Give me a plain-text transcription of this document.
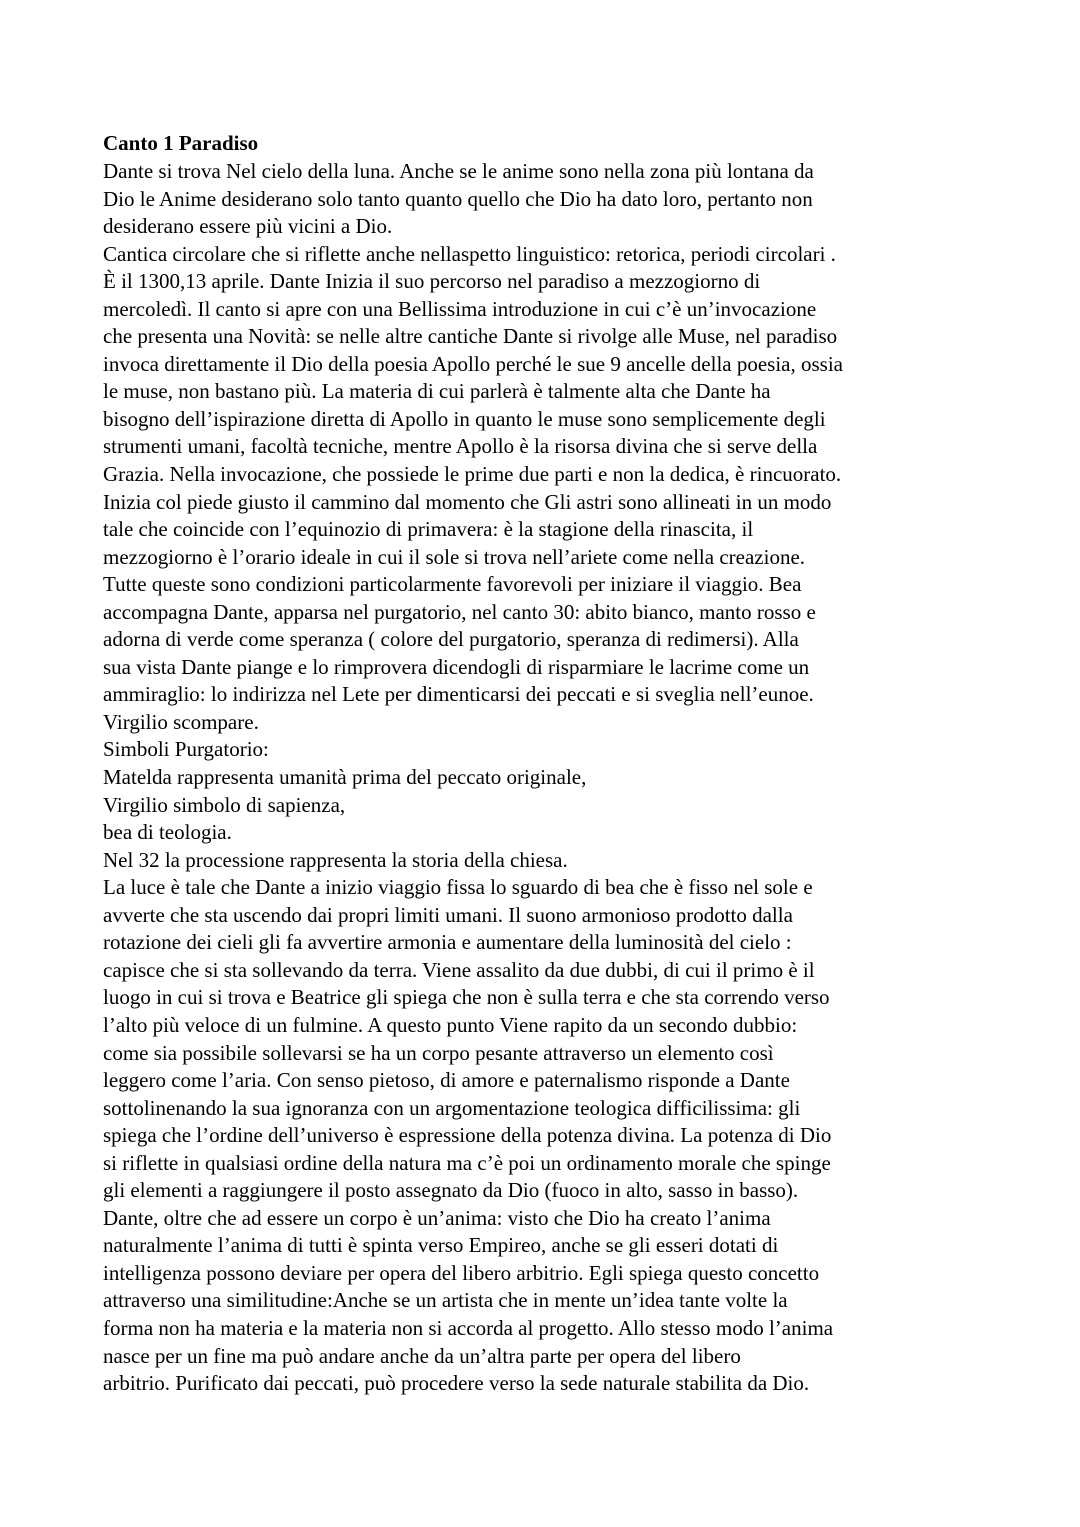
Canto 1 Paradiso
Dante si trova Nel cielo della luna. Anche se le anime sono nella zona più lontana da
Dio le Anime desiderano solo tanto quanto quello che Dio ha dato loro, pertanto non
desiderano essere più vicini a Dio.
Cantica circolare che si riflette anche nellaspetto linguistico: retorica, periodi circolari .
È il 1300,13 aprile. Dante Inizia il suo percorso nel paradiso a mezzogiorno di
mercoledì. Il canto si apre con una Bellissima introduzione in cui c’è un’invocazione
che presenta una Novità: se nelle altre cantiche Dante si rivolge alle Muse, nel paradiso
invoca direttamente il Dio della poesia Apollo perché le sue 9 ancelle della poesia, ossia
le muse, non bastano più. La materia di cui parlerà è talmente alta che Dante ha
bisogno dell’ispirazione diretta di Apollo in quanto le muse sono semplicemente degli
strumenti umani, facoltà tecniche, mentre Apollo è la risorsa divina che si serve della
Grazia. Nella invocazione, che possiede le prime due parti e non la dedica, è rincuorato.
Inizia col piede giusto il cammino dal momento che Gli astri sono allineati in un modo
tale che coincide con l’equinozio di primavera: è la stagione della rinascita, il
mezzogiorno è l’orario ideale in cui il sole si trova nell’ariete come nella creazione.
Tutte queste sono condizioni particolarmente favorevoli per iniziare il viaggio. Bea
accompagna Dante, apparsa nel purgatorio, nel canto 30: abito bianco, manto rosso e
adorna di verde come speranza ( colore del purgatorio, speranza di redimersi). Alla
sua vista Dante piange e lo rimprovera dicendogli di risparmiare le lacrime come un
ammiraglio: lo indirizza nel Lete per dimenticarsi dei peccati e si sveglia nell’eunoe.
Virgilio scompare.
Simboli Purgatorio:
Matelda rappresenta umanità prima del peccato originale,
Virgilio simbolo di sapienza,
bea di teologia.
Nel 32 la processione rappresenta la storia della chiesa.
La luce è tale che Dante a inizio viaggio fissa lo sguardo di bea che è fisso nel sole e
avverte che sta uscendo dai propri limiti umani. Il suono armonioso prodotto dalla
rotazione dei cieli gli fa avvertire armonia e aumentare della luminosità del cielo :
capisce che si sta sollevando da terra. Viene assalito da due dubbi, di cui il primo è il
luogo in cui si trova e Beatrice gli spiega che non è sulla terra e che sta correndo verso
l’alto più veloce di un fulmine. A questo punto Viene rapito da un secondo dubbio:
come sia possibile sollevarsi se ha un corpo pesante attraverso un elemento così
leggero come l’aria. Con senso pietoso, di amore e paternalismo risponde a Dante
sottolinenando la sua ignoranza con un argomentazione teologica difficilissima: gli
spiega che l’ordine dell’universo è espressione della potenza divina. La potenza di Dio
si riflette in qualsiasi ordine della natura ma c’è poi un ordinamento morale che spinge
gli elementi a raggiungere il posto assegnato da Dio (fuoco in alto, sasso in basso).
Dante, oltre che ad essere un corpo è un’anima: visto che Dio ha creato l’anima
naturalmente l’anima di tutti è spinta verso Empireo, anche se gli esseri dotati di
intelligenza possono deviare per opera del libero arbitrio. Egli spiega questo concetto
attraverso una similitudine:Anche se un artista che in mente un’idea tante volte la
forma non ha materia e la materia non si accorda al progetto. Allo stesso modo l’anima
nasce per un fine ma può andare anche da un’altra parte per opera del libero
arbitrio. Purificato dai peccati, può procedere verso la sede naturale stabilita da Dio.
